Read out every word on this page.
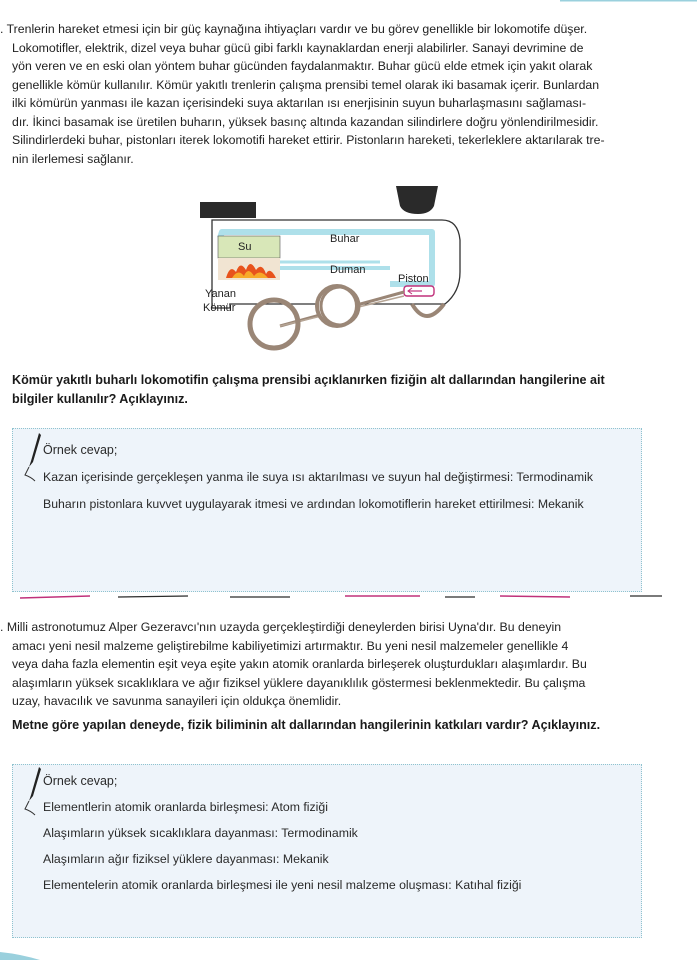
. Trenlerin hareket etmesi için bir güç kaynağına ihtiyaçları vardır ve bu görev genellikle bir lokomotife düşer.
Lokomotifler, elektrik, dizel veya buhar gücü gibi farklı kaynaklardan enerji alabilirler. Sanayi devrimine de
yön veren ve en eski olan yöntem buhar gücünden faydalanmaktır. Buhar gücü elde etmek için yakıt olarak
genellikle kömür kullanılır. Kömür yakıtlı trenlerin çalışma prensibi temel olarak iki basamak içerir. Bunlardan
ilki kömürün yanması ile kazan içerisindeki suya aktarılan ısı enerjisinin suyun buharlaşmasını sağlaması-
dır. İkinci basamak ise üretilen buharın, yüksek basınç altında kazandan silindirlere doğru yönlendirilmesidir.
Silindirlerdeki buhar, pistonları iterek lokomotifi hareket ettirir. Pistonların hareketi, tekerleklere aktarılarak tre-
nin ilerlemesi sağlanır.
Su
Buhar
Duman
Piston
Yanan
Kömür
Kömür yakıtlı buharlı lokomotifin çalışma prensibi açıklanırken fiziğin alt dallarından hangilerine ait
bilgiler kullanılır? Açıklayınız.
Örnek cevap;
Kazan içerisinde gerçekleşen yanma ile suya ısı aktarılması ve suyun hal değiştirmesi: Termodinamik
Buharın pistonlara kuvvet uygulayarak itmesi ve ardından lokomotiflerin hareket ettirilmesi: Mekanik
. Milli astronotumuz Alper Gezeravcı'nın uzayda gerçekleştirdiği deneylerden birisi Uyna'dır. Bu deneyin
amacı yeni nesil malzeme geliştirebilme kabiliyetimizi artırmaktır. Bu yeni nesil malzemeler genellikle 4
veya daha fazla elementin eşit veya eşite yakın atomik oranlarda birleşerek oluşturdukları alaşımlardır. Bu
alaşımların yüksek sıcaklıklara ve ağır fiziksel yüklere dayanıklılık göstermesi beklenmektedir. Bu çalışma
uzay, havacılık ve savunma sanayileri için oldukça önemlidir.
Metne göre yapılan deneyde, fizik biliminin alt dallarından hangilerinin katkıları vardır? Açıklayınız.
Örnek cevap;
Elementlerin atomik oranlarda birleşmesi: Atom fiziği
Alaşımların yüksek sıcaklıklara dayanması: Termodinamik
Alaşımların ağır fiziksel yüklere dayanması: Mekanik
Elementelerin atomik oranlarda birleşmesi ile yeni nesil malzeme oluşması: Katıhal fiziği
